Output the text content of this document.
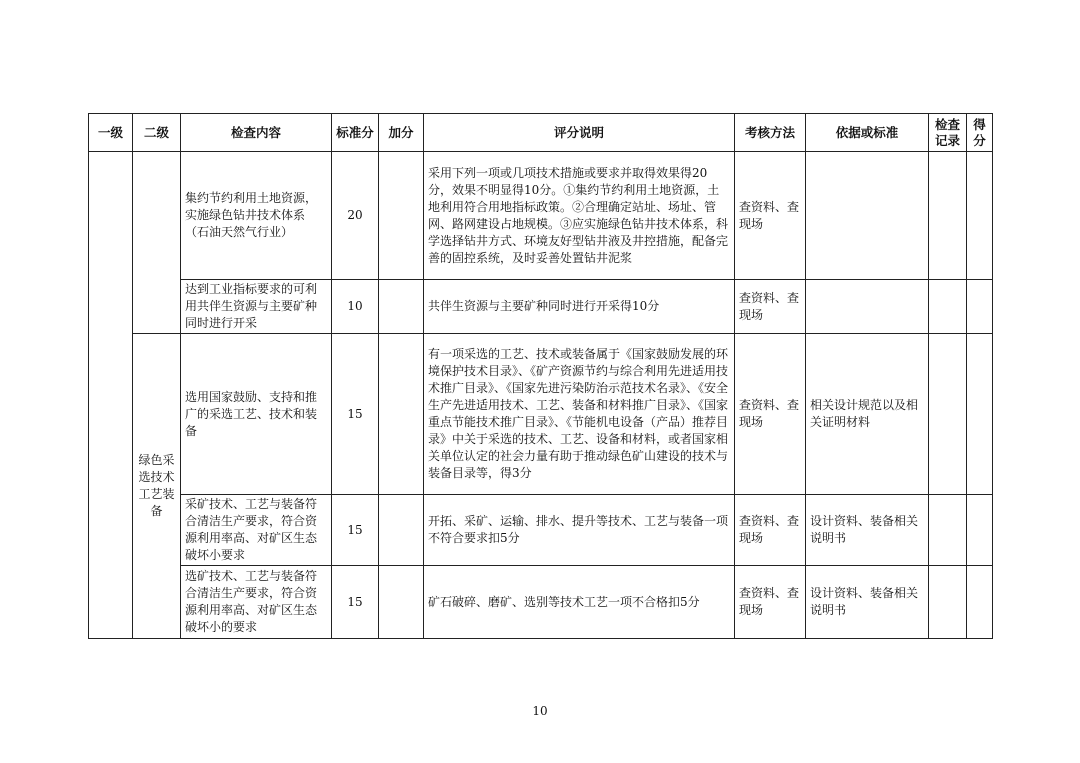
一级	二级	检查内容	标准分	加分	评分说明	考核方法	依据或标准	检查记录	得分
		集约节约利用土地资源，实施绿色钻井技术体系（石油天然气行业）	20		采用下列一项或几项技术措施或要求并取得效果得20分，效果不明显得10分。①集约节约利用土地资源，土地利用符合用地指标政策。②合理确定站址、场址、管网、路网建设占地规模。③应实施绿色钻井技术体系，科学选择钻井方式、环境友好型钻井液及井控措施，配备完善的固控系统，及时妥善处置钻井泥浆	查资料、查现场			
		达到工业指标要求的可利用共伴生资源与主要矿种同时进行开采	10		共伴生资源与主要矿种同时进行开采得10分	查资料、查现场			
	绿色采选技术工艺装备	选用国家鼓励、支持和推广的采选工艺、技术和装备	15		有一项采选的工艺、技术或装备属于《国家鼓励发展的环境保护技术目录》、《矿产资源节约与综合利用先进适用技术推广目录》、《国家先进污染防治示范技术名录》、《安全生产先进适用技术、工艺、装备和材料推广目录》、《国家重点节能技术推广目录》、《节能机电设备（产品）推荐目录》中关于采选的技术、工艺、设备和材料，或者国家相关单位认定的社会力量有助于推动绿色矿山建设的技术与装备目录等，得3分	查资料、查现场	相关设计规范以及相关证明材料		
		采矿技术、工艺与装备符合清洁生产要求，符合资源利用率高、对矿区生态破坏小要求	15		开拓、采矿、运输、排水、提升等技术、工艺与装备一项不符合要求扣5分	查资料、查现场	设计资料、装备相关说明书		
		选矿技术、工艺与装备符合清洁生产要求，符合资源利用率高、对矿区生态破坏小的要求	15		矿石破碎、磨矿、选别等技术工艺一项不合格扣5分	查资料、查现场	设计资料、装备相关说明书		
10
